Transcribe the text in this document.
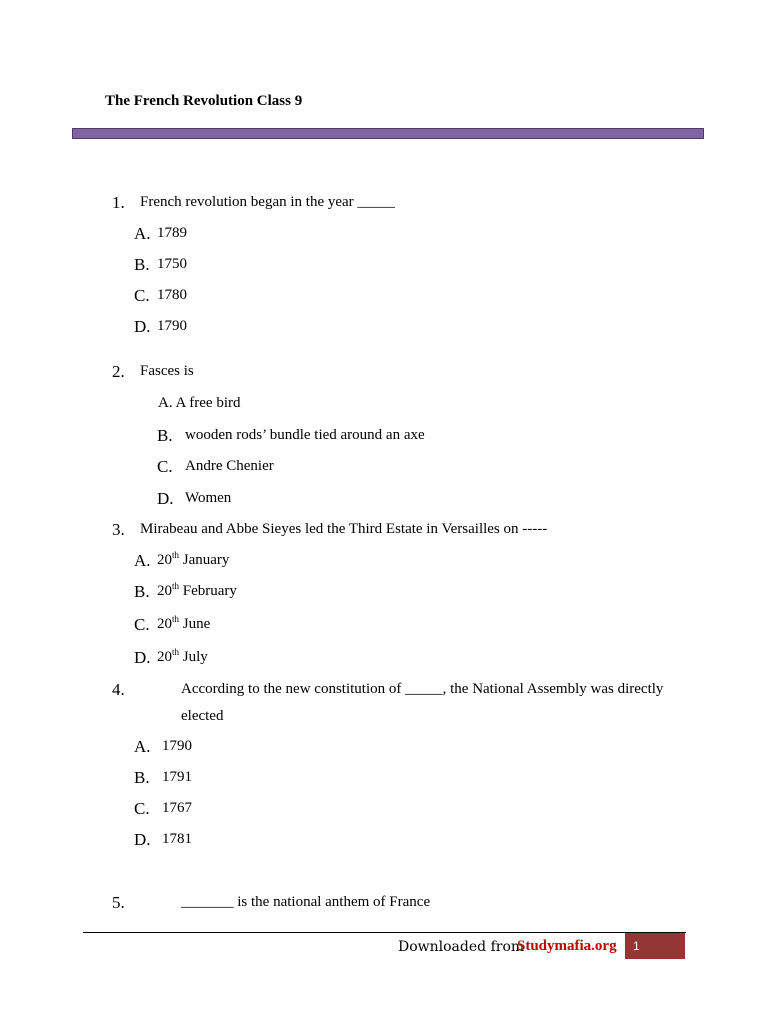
The French Revolution Class 9
1. French revolution began in the year _____
A. 1789
B. 1750
C. 1780
D. 1790
2. Fasces is
A. A free bird
B. wooden rods’ bundle tied around an axe
C. Andre Chenier
D. Women
3. Mirabeau and Abbe Sieyes led the Third Estate in Versailles on -----
A. 20th January
B. 20th February
C. 20th June
D. 20th July
4.	According to the new constitution of _____, the National Assembly was directly
elected
A. 1790
B. 1791
C. 1767
D. 1781
5.	_______ is the national anthem of France
Downloaded from
Studymafia.org	1
